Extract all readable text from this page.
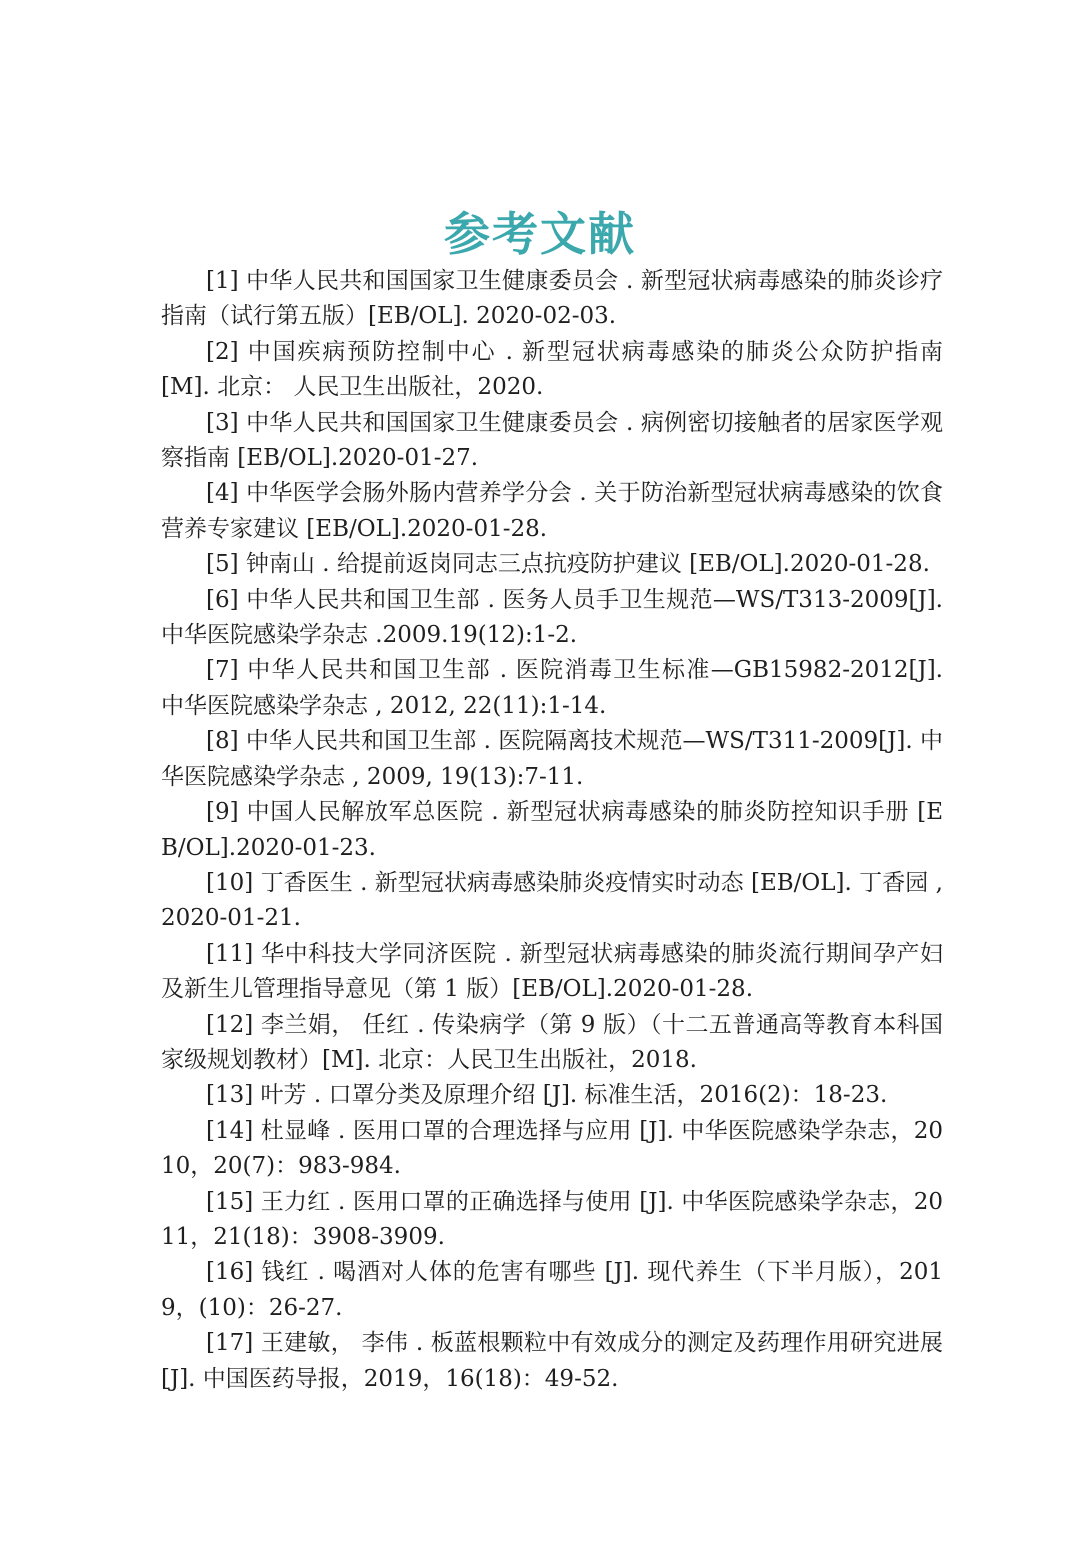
参考文献
[1] 中华人民共和国国家卫生健康委员会 . 新型冠状病毒感染的肺炎诊疗指南（试行第五版）[EB/OL]. 2020-02-03.
[2] 中国疾病预防控制中心 . 新型冠状病毒感染的肺炎公众防护指南 [M]. 北京： 人民卫生出版社，2020.
[3] 中华人民共和国国家卫生健康委员会 . 病例密切接触者的居家医学观察指南 [EB/OL].2020-01-27.
[4] 中华医学会肠外肠内营养学分会 . 关于防治新型冠状病毒感染的饮食营养专家建议 [EB/OL].2020-01-28.
[5] 钟南山 . 给提前返岗同志三点抗疫防护建议 [EB/OL].2020-01-28.
[6] 中华人民共和国卫生部 . 医务人员手卫生规范—WS/T313-2009[J]. 中华医院感染学杂志 .2009.19(12):1-2.
[7] 中华人民共和国卫生部 . 医院消毒卫生标准—GB15982-2012[J]. 中华医院感染学杂志 , 2012, 22(11):1-14.
[8] 中华人民共和国卫生部 . 医院隔离技术规范—WS/T311-2009[J]. 中华医院感染学杂志 , 2009, 19(13):7-11.
[9] 中国人民解放军总医院 . 新型冠状病毒感染的肺炎防控知识手册 [EB/OL].2020-01-23.
[10] 丁香医生 . 新型冠状病毒感染肺炎疫情实时动态 [EB/OL]. 丁香园 ,2020-01-21.
[11] 华中科技大学同济医院 . 新型冠状病毒感染的肺炎流行期间孕产妇及新生儿管理指导意见（第 1 版）[EB/OL].2020-01-28.
[12] 李兰娟， 任红 . 传染病学（第 9 版）（十二五普通高等教育本科国家级规划教材）[M]. 北京：人民卫生出版社，2018.
[13] 叶芳 . 口罩分类及原理介绍 [J]. 标准生活，2016(2)：18-23.
[14] 杜显峰 . 医用口罩的合理选择与应用 [J]. 中华医院感染学杂志，2010，20(7)：983-984.
[15] 王力红 . 医用口罩的正确选择与使用 [J]. 中华医院感染学杂志，2011，21(18)：3908-3909.
[16] 钱红 . 喝酒对人体的危害有哪些 [J]. 现代养生（下半月版），2019，(10)：26-27.
[17] 王建敏， 李伟 . 板蓝根颗粒中有效成分的测定及药理作用研究进展 [J]. 中国医药导报，2019，16(18)：49-52.
